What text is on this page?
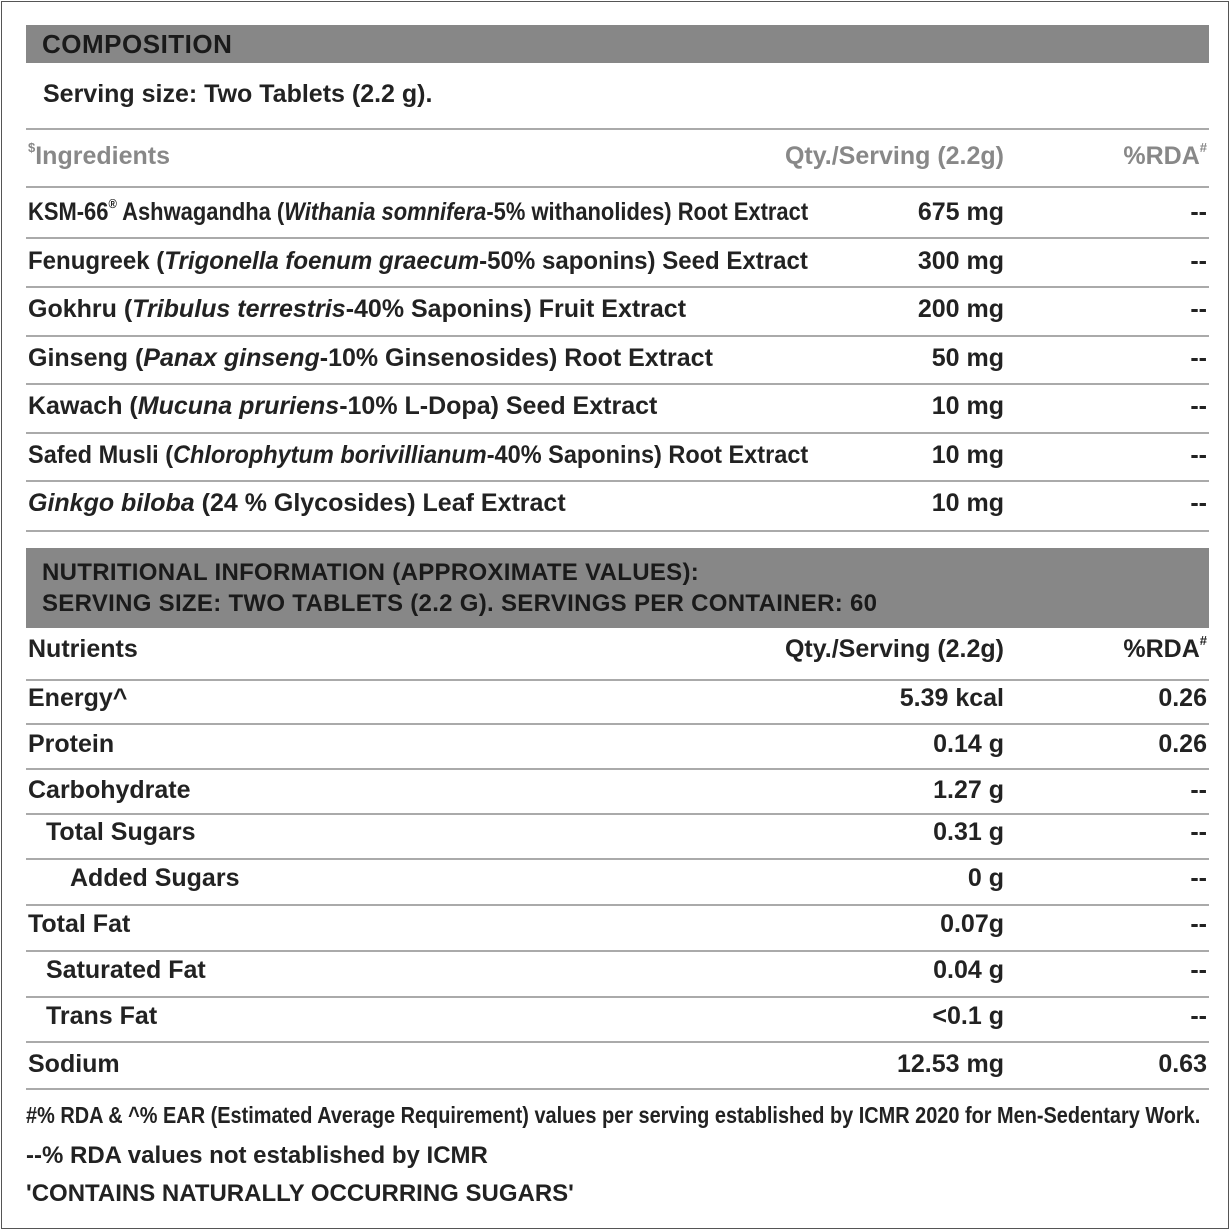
COMPOSITION
Serving size: Two Tablets (2.2 g).
$Ingredients	Qty./Serving (2.2g)	%RDA#
KSM-66® Ashwagandha (Withania somnifera-5% withanolides) Root Extract	675 mg	--
Fenugreek (Trigonella foenum graecum-50% saponins) Seed Extract	300 mg	--
Gokhru (Tribulus terrestris-40% Saponins) Fruit Extract	200 mg	--
Ginseng (Panax ginseng-10% Ginsenosides) Root Extract	50 mg	--
Kawach (Mucuna pruriens-10% L-Dopa) Seed Extract	10 mg	--
Safed Musli (Chlorophytum borivillianum-40% Saponins) Root Extract	10 mg	--
Ginkgo biloba (24 % Glycosides) Leaf Extract	10 mg	--
NUTRITIONAL INFORMATION (APPROXIMATE VALUES):
SERVING SIZE: TWO TABLETS (2.2 G). SERVINGS PER CONTAINER: 60
Nutrients	Qty./Serving (2.2g)	%RDA#
Energy^	5.39 kcal	0.26
Protein	0.14 g	0.26
Carbohydrate	1.27 g	--
Total Sugars	0.31 g	--
Added Sugars	0 g	--
Total Fat	0.07g	--
Saturated Fat	0.04 g	--
Trans Fat	<0.1 g	--
Sodium	12.53 mg	0.63
#% RDA & ^% EAR (Estimated Average Requirement) values per serving established by ICMR 2020 for Men-Sedentary Work.
--% RDA values not established by ICMR
'CONTAINS NATURALLY OCCURRING SUGARS'
